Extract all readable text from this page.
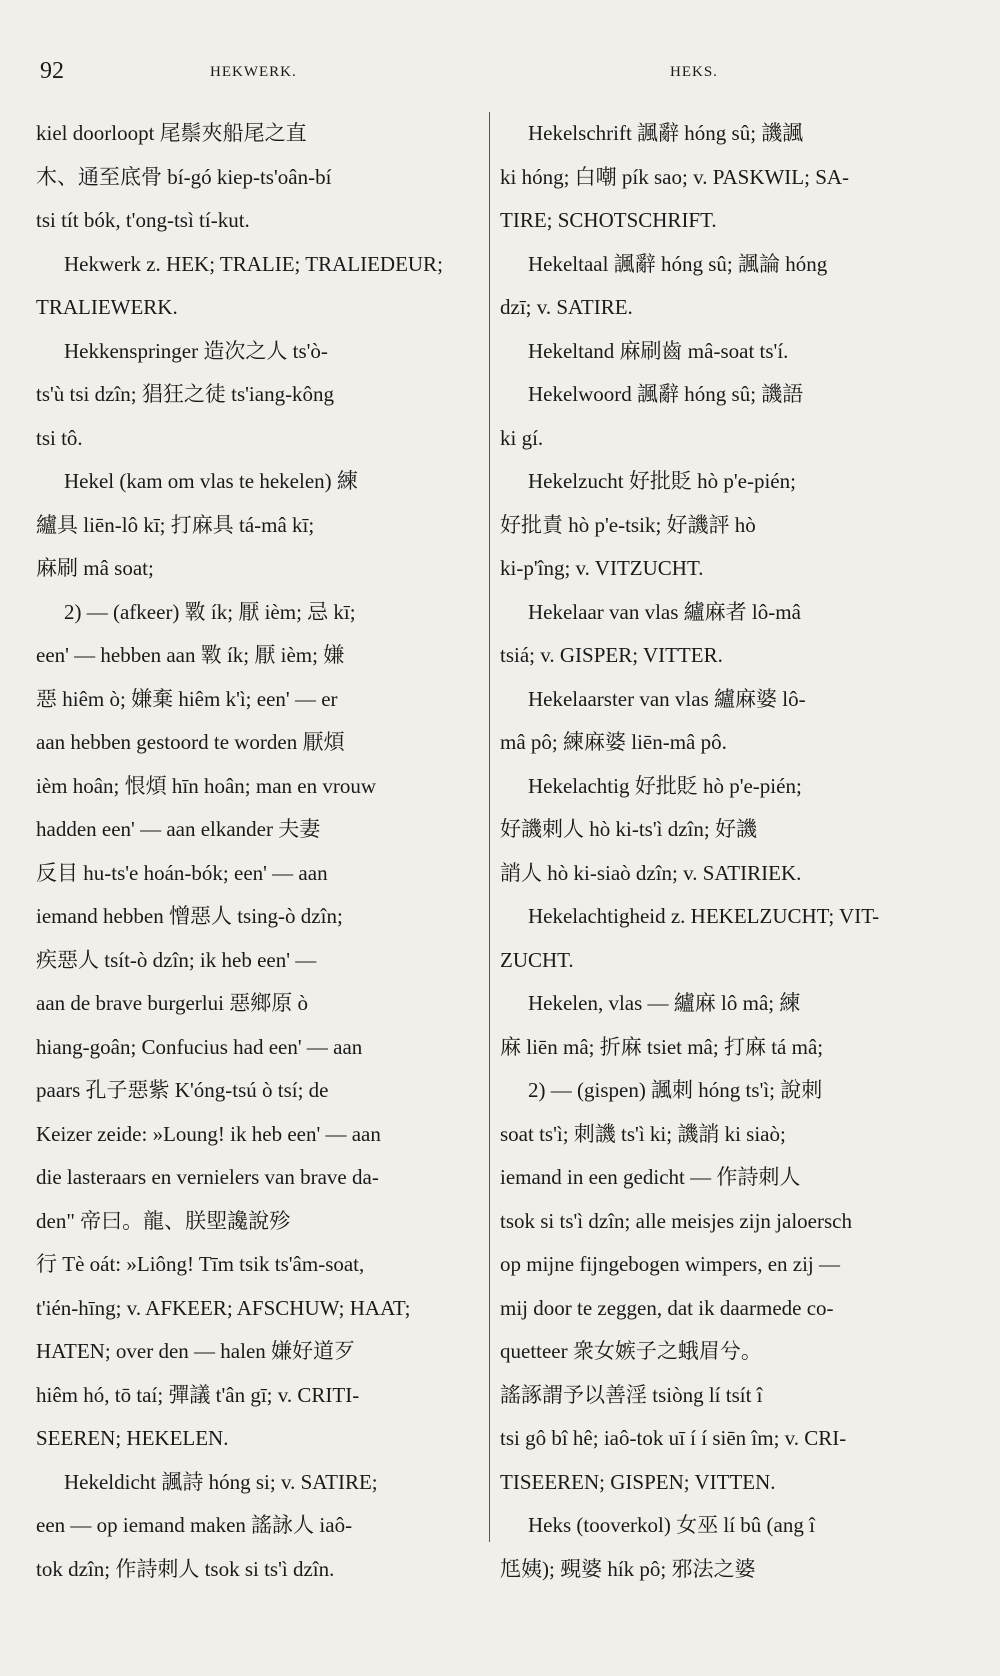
92	HEKWERK.	HEKS.
kiel doorloopt 尾鬃夾船尾之直
木、通至底骨 bí-gó kiep-ts'oân-bí
tsi tít bók, t'ong-tsì tí-kut.
Hekwerk z. HEK; TRALIE; TRALIEDEUR;
TRALIEWERK.
Hekkenspringer 造次之人 ts'ò-
ts'ù tsi dzîn; 猖狂之徒 ts'iang-kông
tsi tô.
Hekel (kam om vlas te hekelen) 練
纑具 liēn-lô kī; 打麻具 tá-mâ kī;
麻刷 mâ soat;
2) — (afkeer) 斁 ík; 厭 ièm; 忌 kī;
een' — hebben aan 斁 ík; 厭 ièm; 嫌
惡 hiêm ò; 嫌棄 hiêm k'ì; een' — er
aan hebben gestoord te worden 厭煩
ièm hoân; 恨煩 hīn hoân; man en vrouw
hadden een' — aan elkander 夫妻
反目 hu-ts'e hoán-bók; een' — aan
iemand hebben 憎惡人 tsing-ò dzîn;
疾惡人 tsít-ò dzîn; ik heb een' —
aan de brave burgerlui 惡鄉原 ò
hiang-goân; Confucius had een' — aan
paars 孔子惡紫 K'óng-tsú ò tsí; de
Keizer zeide: »Loung! ik heb een' — aan
die lasteraars en vernielers van brave da-
den" 帝曰。龍、朕堲讒說殄
行 Tè oát: »Liông! Tīm tsik ts'âm-soat,
t'ién-hīng; v. AFKEER; AFSCHUW; HAAT;
HATEN; over den — halen 嫌好道歹
hiêm hó, tō taí; 彈議 t'ân gī; v. CRITI-
SEEREN; HEKELEN.
Hekeldicht 諷詩 hóng si; v. SATIRE;
een — op iemand maken 謠詠人 iaô-
tok dzîn; 作詩刺人 tsok si ts'ì dzîn.
Hekelschrift 諷辭 hóng sû; 譏諷
ki hóng; 白嘲 pík sao; v. PASKWIL; SA-
TIRE; SCHOTSCHRIFT.
Hekeltaal 諷辭 hóng sû; 諷論 hóng
dzī; v. SATIRE.
Hekeltand 麻刷齒 mâ-soat ts'í.
Hekelwoord 諷辭 hóng sû; 譏語
ki gí.
Hekelzucht 好批貶 hò p'e-pién;
好批責 hò p'e-tsik; 好譏評 hò
ki-p'îng; v. VITZUCHT.
Hekelaar van vlas 纑麻者 lô-mâ
tsiá; v. GISPER; VITTER.
Hekelaarster van vlas 纑麻婆 lô-
mâ pô; 練麻婆 liēn-mâ pô.
Hekelachtig 好批貶 hò p'e-pién;
好譏刺人 hò ki-ts'ì dzîn; 好譏
誚人 hò ki-siaò dzîn; v. SATIRIEK.
Hekelachtigheid z. HEKELZUCHT; VIT-
ZUCHT.
Hekelen, vlas — 纑麻 lô mâ; 練
麻 liēn mâ; 折麻 tsiet mâ; 打麻 tá mâ;
2) — (gispen) 諷刺 hóng ts'ì; 說刺
soat ts'ì; 刺譏 ts'ì ki; 譏誚 ki siaò;
iemand in een gedicht — 作詩刺人
tsok si ts'ì dzîn; alle meisjes zijn jaloersch
op mijne fijngebogen wimpers, en zij —
mij door te zeggen, dat ik daarmede co-
quetteer 衆女嫉子之蛾眉兮。
謠諑謂予以善淫 tsiòng lí tsít î
tsi gô bî hê; iaô-tok uī í í siēn îm; v. CRI-
TISEEREN; GISPEN; VITTEN.
Heks (tooverkol) 女巫 lí bû (ang î
尪姨); 覡婆 hík pô; 邪法之婆
